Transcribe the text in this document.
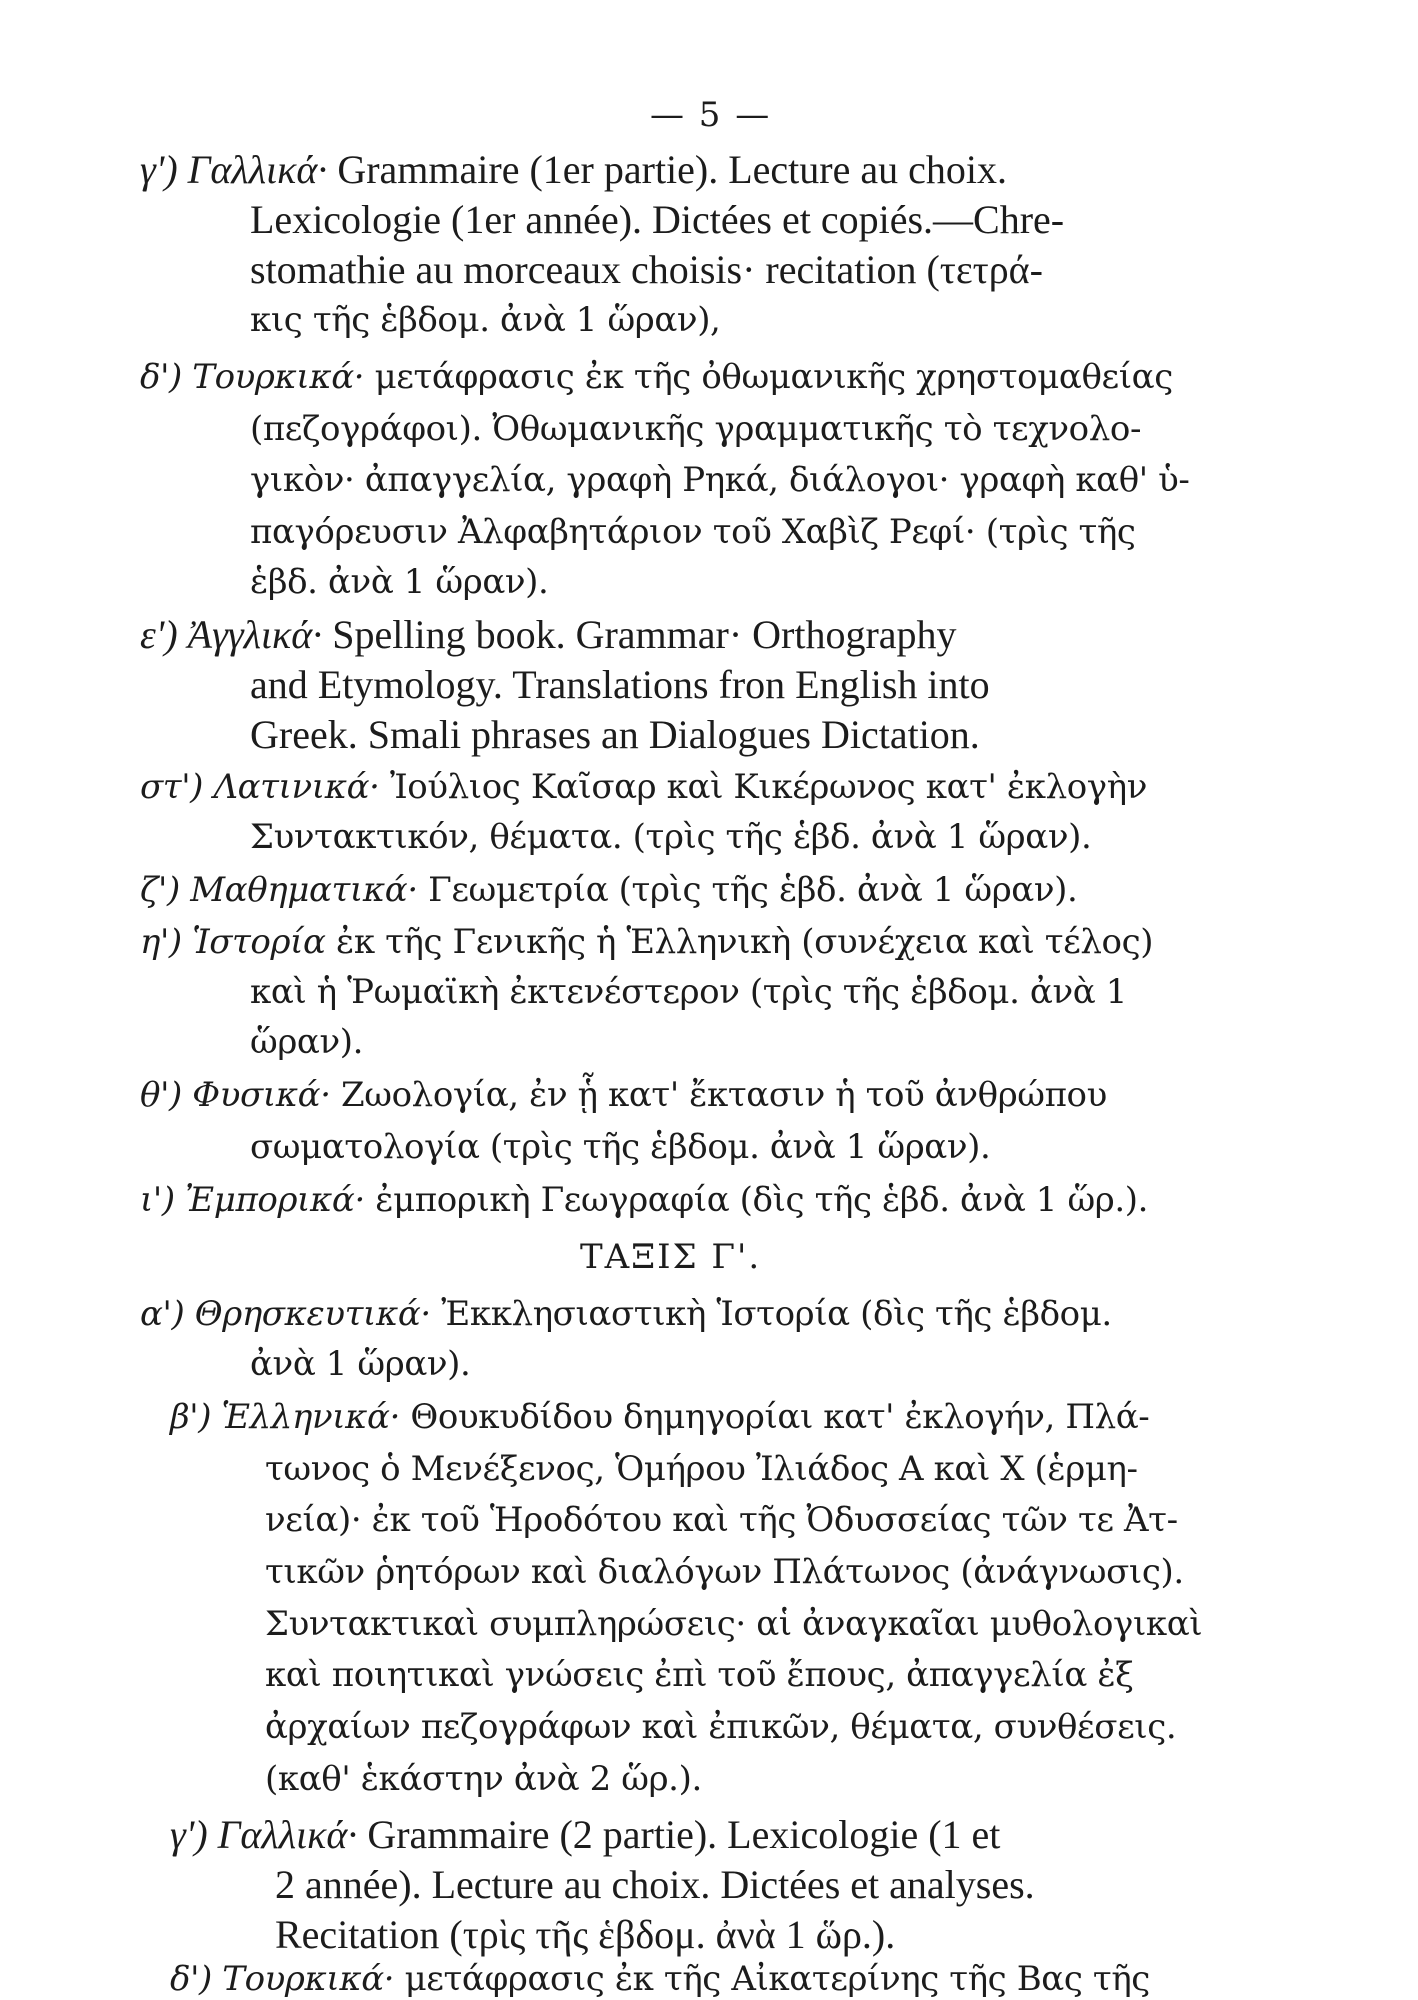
— 5 —
γ') Γαλλικά· Grammaire (1er partie). Lecture au choix.
Lexicologie (1er année). Dictées et copiés.—Chre-
stomathie au morceaux choisis· recitation (τετρά-
κις τῆς ἑβδομ. ἀνὰ 1 ὥραν),
δ') Τουρκικά· μετάφρασις ἐκ τῆς ὀθωμανικῆς χρηστομαθείας
(πεζογράφοι). Ὀθωμανικῆς γραμματικῆς τὸ τεχνολο-
γικὸν· ἀπαγγελία, γραφὴ Ρηκά, διάλογοι· γραφὴ καθ' ὑ-
παγόρευσιν Ἀλφαβητάριον τοῦ Χαβὶζ Ρεφί· (τρὶς τῆς
ἑβδ. ἀνὰ 1 ὥραν).
ε') Ἀγγλικά· Spelling book. Grammar· Orthography
and Etymology. Translations fron English into
Greek. Smali phrases an Dialogues Dictation.
στ') Λατινικά· Ἰούλιος Καῖσαρ καὶ Κικέρωνος κατ' ἐκλογὴν
Συντακτικόν, θέματα. (τρὶς τῆς ἑβδ. ἀνὰ 1 ὥραν).
ζ') Μαθηματικά· Γεωμετρία (τρὶς τῆς ἑβδ. ἀνὰ 1 ὥραν).
η') Ἱστορία ἐκ τῆς Γενικῆς ἡ Ἑλληνικὴ (συνέχεια καὶ τέλος)
καὶ ἡ Ῥωμαϊκὴ ἐκτενέστερον (τρὶς τῆς ἑβδομ. ἀνὰ 1
ὥραν).
θ') Φυσικά· Ζωολογία, ἐν ᾗ κατ' ἔκτασιν ἡ τοῦ ἀνθρώπου
σωματολογία (τρὶς τῆς ἑβδομ. ἀνὰ 1 ὥραν).
ι') Ἐμπορικά· ἐμπορικὴ Γεωγραφία (δὶς τῆς ἑβδ. ἀνὰ 1 ὥρ.).
ΤΑΞΙΣ Γ'.
α') Θρησκευτικά· Ἐκκλησιαστικὴ Ἱστορία (δὶς τῆς ἑβδομ.
ἀνὰ 1 ὥραν).
β') Ἑλληνικά· Θουκυδίδου δημηγορίαι κατ' ἐκλογήν, Πλά-
τωνος ὁ Μενέξενος, Ὁμήρου Ἰλιάδος Α καὶ Χ (ἑρμη-
νεία)· ἐκ τοῦ Ἡροδότου καὶ τῆς Ὀδυσσείας τῶν τε Ἀτ-
τικῶν ῥητόρων καὶ διαλόγων Πλάτωνος (ἀνάγνωσις).
Συντακτικαὶ συμπληρώσεις· αἱ ἀναγκαῖαι μυθολογικαὶ
καὶ ποιητικαὶ γνώσεις ἐπὶ τοῦ ἔπους, ἀπαγγελία ἐξ
ἀρχαίων πεζογράφων καὶ ἐπικῶν, θέματα, συνθέσεις.
(καθ' ἑκάστην ἀνὰ 2 ὥρ.).
γ') Γαλλικά· Grammaire (2 partie). Lexicologie (1 et
2 année). Lecture au choix. Dictées et analyses.
Recitation (τρὶς τῆς ἑβδομ. ἀνὰ 1 ὥρ.).
δ') Τουρκικά· μετάφρασις ἐκ τῆς Αἰκατερίνης τῆς Βας τῆς
